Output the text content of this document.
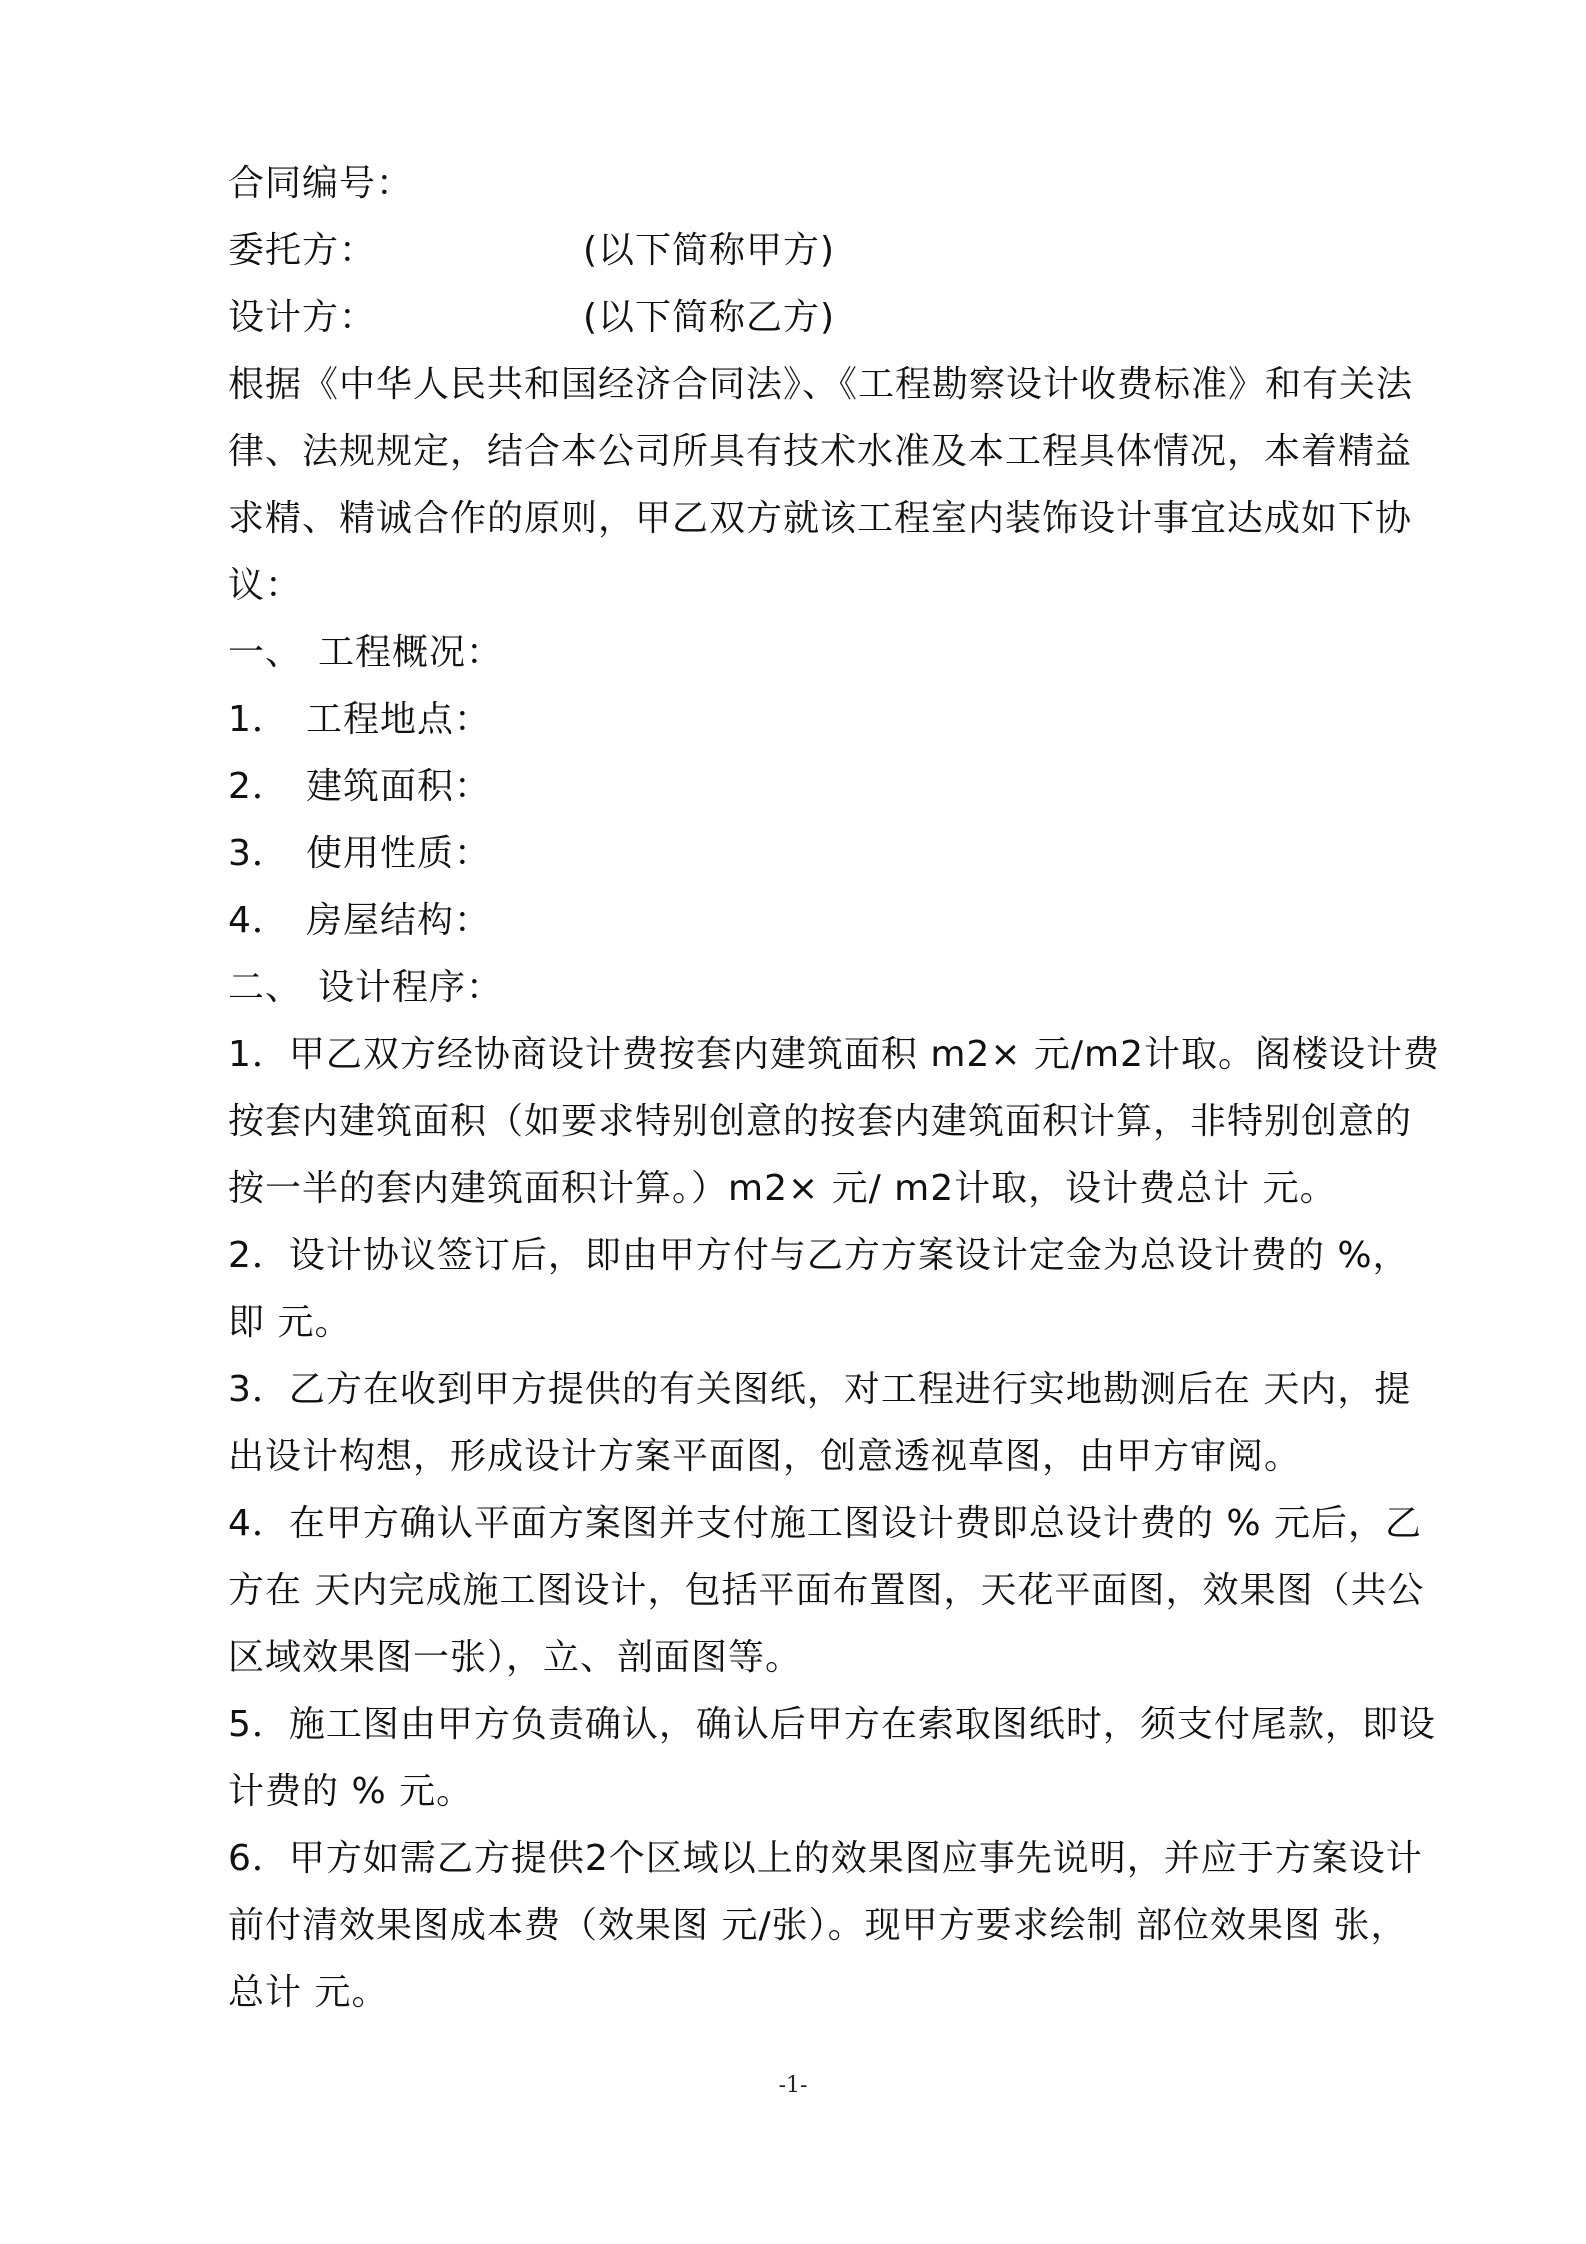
合同编号：
委托方：	(以下简称甲方)
设计方：	(以下简称乙方)
根据《中华人民共和国经济合同法》、《工程勘察设计收费标准》和有关法律、法规规定，结合本公司所具有技术水准及本工程具体情况，本着精益求精、精诚合作的原则，甲乙双方就该工程室内装饰设计事宜达成如下协议：
一、 工程概况：
1． 工程地点：
2． 建筑面积：
3． 使用性质：
4． 房屋结构：
二、 设计程序：
1．甲乙双方经协商设计费按套内建筑面积 m2× 元/m2计取。阁楼设计费按套内建筑面积（如要求特别创意的按套内建筑面积计算，非特别创意的按一半的套内建筑面积计算。）m2× 元/ m2计取，设计费总计 元。
2．设计协议签订后，即由甲方付与乙方方案设计定金为总设计费的 %，即 元。
3．乙方在收到甲方提供的有关图纸，对工程进行实地勘测后在 天内，提出设计构想，形成设计方案平面图，创意透视草图，由甲方审阅。
4．在甲方确认平面方案图并支付施工图设计费即总设计费的 % 元后，乙方在 天内完成施工图设计，包括平面布置图，天花平面图，效果图（共公区域效果图一张），立、剖面图等。
5．施工图由甲方负责确认，确认后甲方在索取图纸时，须支付尾款，即设计费的 % 元。
6．甲方如需乙方提供2个区域以上的效果图应事先说明，并应于方案设计前付清效果图成本费（效果图 元/张）。现甲方要求绘制 部位效果图 张，总计 元。
-1-
